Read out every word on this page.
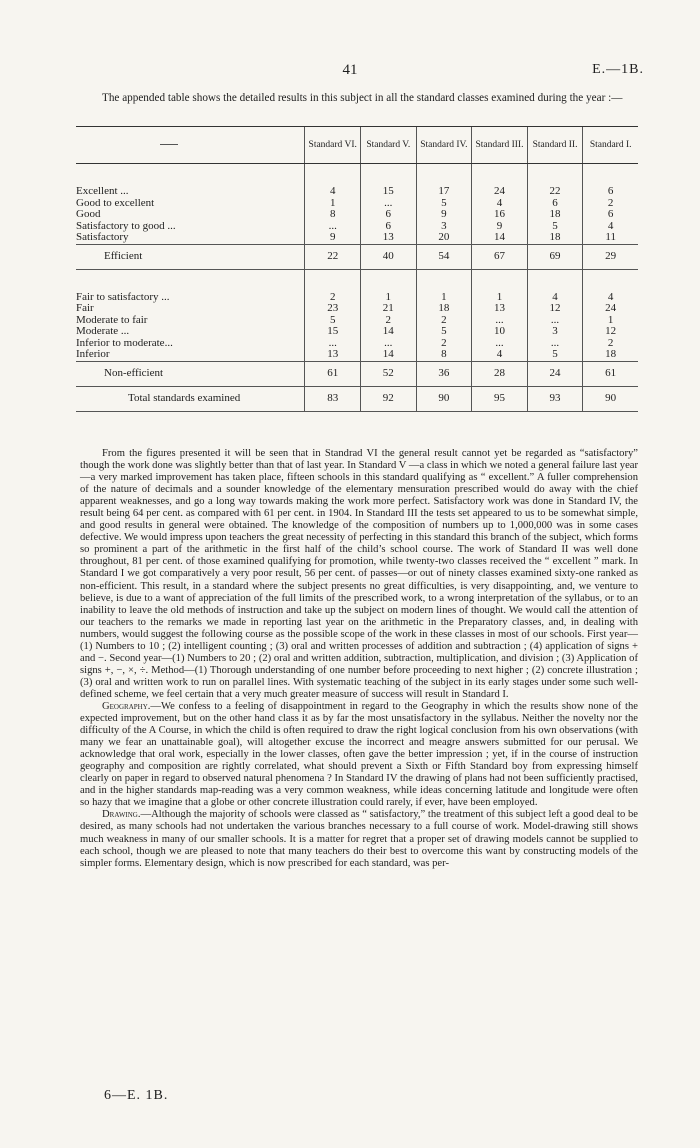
41	E.—1B.
The appended table shows the detailed results in this subject in all the standard classes examined during the year :—
	Standard VI.	Standard V.	Standard IV.	Standard III.	Standard II.	Standard I.

Excellent ...	4	15	17	24	22	6
Good to excellent	1	...	5	4	6	2
Good	8	6	9	16	18	6
Satisfactory to good ...	...	6	3	9	5	4
Satisfactory	9	13	20	14	18	11
Efficient	22	40	54	67	69	29

Fair to satisfactory ...	2	1	1	1	4	4
Fair	23	21	18	13	12	24
Moderate to fair	5	2	2	...	...	1
Moderate ...	15	14	5	10	3	12
Inferior to moderate...	...	...	2	...	...	2
Inferior	13	14	8	4	5	18
Non-efficient	61	52	36	28	24	61
Total standards examined	83	92	90	95	93	90

From the figures presented it will be seen that in Standrad VI the general result cannot yet be regarded as “satisfactory” though the work done was slightly better than that of last year. In Standard V —a class in which we noted a general failure last year—a very marked improvement has taken place, fifteen schools in this standard qualifying as “ excellent.” A fuller comprehension of the nature of decimals and a sounder knowledge of the elementary mensuration prescribed would do away with the chief apparent weaknesses, and go a long way towards making the work more perfect. Satisfactory work was done in Standard IV, the result being 64 per cent. as compared with 61 per cent. in 1904. In Standard III the tests set appeared to us to be somewhat simple, and good results in general were obtained. The knowledge of the composition of numbers up to 1,000,000 was in some cases defective. We would impress upon teachers the great necessity of perfecting in this standard this branch of the subject, which forms so prominent a part of the arithmetic in the first half of the child’s school course. The work of Standard II was well done throughout, 81 per cent. of those examined qualifying for promotion, while twenty-two classes received the “ excellent ” mark. In Standard I we got comparatively a very poor result, 56 per cent. of passes—or out of ninety classes examined sixty-one ranked as non-efficient. This result, in a standard where the subject presents no great difficulties, is very disappointing, and, we venture to believe, is due to a want of appreciation of the full limits of the prescribed work, to a wrong interpretation of the syllabus, or to an inability to leave the old methods of instruction and take up the subject on modern lines of thought. We would call the attention of our teachers to the remarks we made in reporting last year on the arithmetic in the Preparatory classes, and, in dealing with numbers, would suggest the following course as the possible scope of the work in these classes in most of our schools. First year—(1) Numbers to 10 ; (2) intelligent counting ; (3) oral and written processes of addition and subtraction ; (4) application of signs + and −. Second year—(1) Numbers to 20 ; (2) oral and written addition, subtraction, multiplication, and division ; (3) Application of signs +, −, ×, ÷. Method—(1) Thorough understanding of one number before proceeding to next higher ; (2) concrete illustration ; (3) oral and written work to run on parallel lines. With systematic teaching of the subject in its early stages under some such well-defined scheme, we feel certain that a very much greater measure of success will result in Standard I.

Geography.—We confess to a feeling of disappointment in regard to the Geography in which the results show none of the expected improvement, but on the other hand class it as by far the most unsatisfactory in the syllabus. Neither the novelty nor the difficulty of the A Course, in which the child is often required to draw the right logical conclusion from his own observations (with many we fear an unattainable goal), will altogether excuse the incorrect and meagre answers submitted for our perusal. We acknowledge that oral work, especially in the lower classes, often gave the better impression ; yet, if in the course of instruction geography and composition are rightly correlated, what should prevent a Sixth or Fifth Standard boy from expressing himself clearly on paper in regard to observed natural phenomena ? In Standard IV the drawing of plans had not been sufficiently practised, and in the higher standards map-reading was a very common weakness, while ideas concerning latitude and longitude were often so hazy that we imagine that a globe or other concrete illustration could rarely, if ever, have been employed.

Drawing.—Although the majority of schools were classed as “ satisfactory,” the treatment of this subject left a good deal to be desired, as many schools had not undertaken the various branches necessary to a full course of work. Model-drawing still shows much weakness in many of our smaller schools. It is a matter for regret that a proper set of drawing models cannot be supplied to each school, though we are pleased to note that many teachers do their best to overcome this want by constructing models of the simpler forms. Elementary design, which is now prescribed for each standard, was per-

6—E. 1B.
